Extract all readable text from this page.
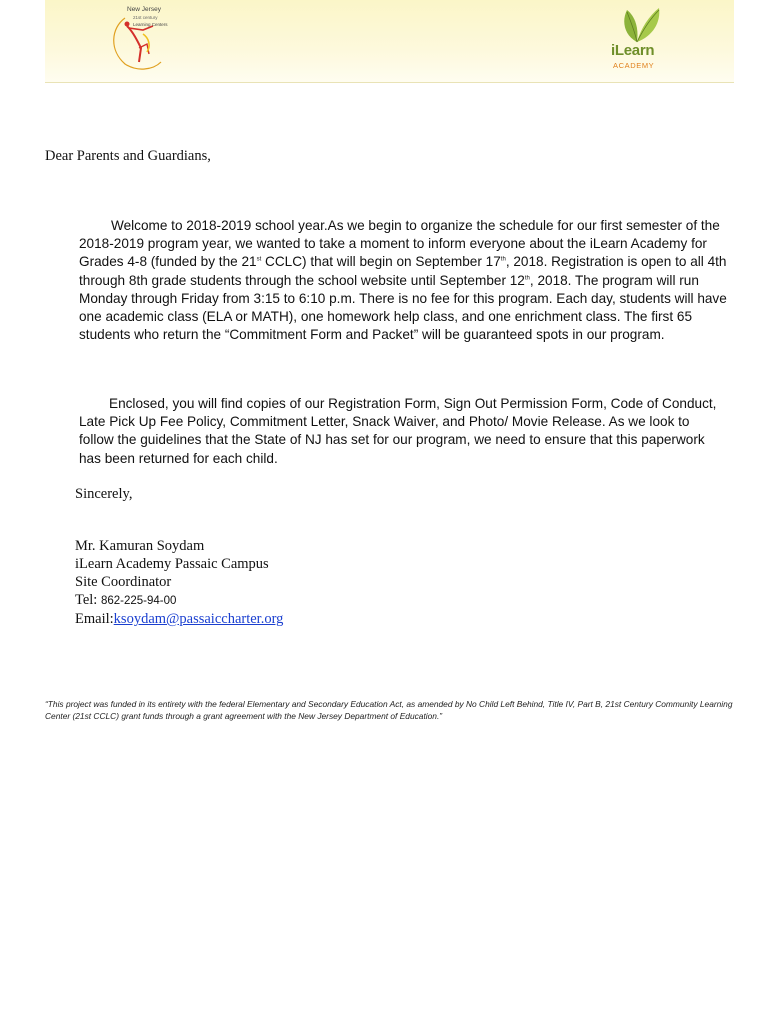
New Jersey
21st century
Learning Centers
iLearn
ACADEMY
Dear Parents and Guardians,
Welcome to 2018-2019 school year.As we begin to organize the schedule for our first semester of the 2018-2019 program year, we wanted to take a moment to inform everyone about the iLearn Academy for Grades 4-8 (funded by the 21st CCLC) that will begin on September 17th, 2018. Registration is open to all 4th through 8th grade students through the school website until September 12th, 2018. The program will run Monday through Friday from 3:15 to 6:10 p.m. There is no fee for this program. Each day, students will have one academic class (ELA or MATH), one homework help class, and one enrichment class. The first 65 students who return the “Commitment Form and Packet” will be guaranteed spots in our program.
Enclosed, you will find copies of our Registration Form, Sign Out Permission Form, Code of Conduct, Late Pick Up Fee Policy, Commitment Letter, Snack Waiver, and Photo/ Movie Release. As we look to follow the guidelines that the State of NJ has set for our program, we need to ensure that this paperwork has been returned for each child.
Sincerely,
Mr. Kamuran Soydam
iLearn Academy Passaic Campus
Site Coordinator
Tel: 862-225-94-00
Email:ksoydam@passaiccharter.org
“This project was funded in its entirety with the federal Elementary and Secondary Education Act, as amended by No Child Left Behind, Title IV, Part B, 21st Century Community Learning Center (21st CCLC) grant funds through a grant agreement with the New Jersey Department of Education.”
